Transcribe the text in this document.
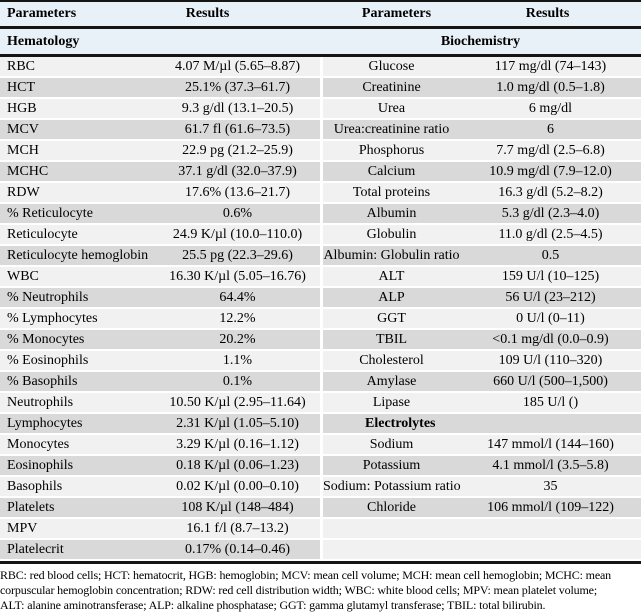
Parameters	Results	Parameters	Results
Hematology	Biochemistry
RBC	4.07 M/µl (5.65–8.87)	Glucose	117 mg/dl (74–143)
HCT	25.1% (37.3–61.7)	Creatinine	1.0 mg/dl (0.5–1.8)
HGB	9.3 g/dl (13.1–20.5)	Urea	6 mg/dl
MCV	61.7 fl (61.6–73.5)	Urea:creatinine ratio	6
MCH	22.9 pg (21.2–25.9)	Phosphorus	7.7 mg/dl (2.5–6.8)
MCHC	37.1 g/dl (32.0–37.9)	Calcium	10.9 mg/dl (7.9–12.0)
RDW	17.6% (13.6–21.7)	Total proteins	16.3 g/dl (5.2–8.2)
% Reticulocyte	0.6%	Albumin	5.3 g/dl (2.3–4.0)
Reticulocyte	24.9 K/µl (10.0–110.0)	Globulin	11.0 g/dl (2.5–4.5)
Reticulocyte hemoglobin	25.5 pg (22.3–29.6)	Albumin: Globulin ratio	0.5
WBC	16.30 K/µl (5.05–16.76)	ALT	159 U/l (10–125)
% Neutrophils	64.4%	ALP	56 U/l (23–212)
% Lymphocytes	12.2%	GGT	0 U/l (0–11)
% Monocytes	20.2%	TBIL	<0.1 mg/dl (0.0–0.9)
% Eosinophils	1.1%	Cholesterol	109 U/l (110–320)
% Basophils	0.1%	Amylase	660 U/l (500–1,500)
Neutrophils	10.50 K/µl (2.95–11.64)	Lipase	185 U/l ()
Lymphocytes	2.31 K/µl (1.05–5.10)	Electrolytes
Monocytes	3.29 K/µl (0.16–1.12)	Sodium	147 mmol/l (144–160)
Eosinophils	0.18 K/µl (0.06–1.23)	Potassium	4.1 mmol/l (3.5–5.8)
Basophils	0.02 K/µl (0.00–0.10)	Sodium: Potassium ratio	35
Platelets	108 K/µl (148–484)	Chloride	106 mmol/l (109–122)
MPV	16.1 f/l (8.7–13.2)
Platelecrit	0.17% (0.14–0.46)
RBC: red blood cells; HCT: hematocrit, HGB: hemoglobin; MCV: mean cell volume; MCH: mean cell hemoglobin; MCHC: mean
corpuscular hemoglobin concentration; RDW: red cell distribution width; WBC: white blood cells; MPV: mean platelet volume;
ALT: alanine aminotransferase; ALP: alkaline phosphatase; GGT: gamma glutamyl transferase; TBIL: total bilirubin.
